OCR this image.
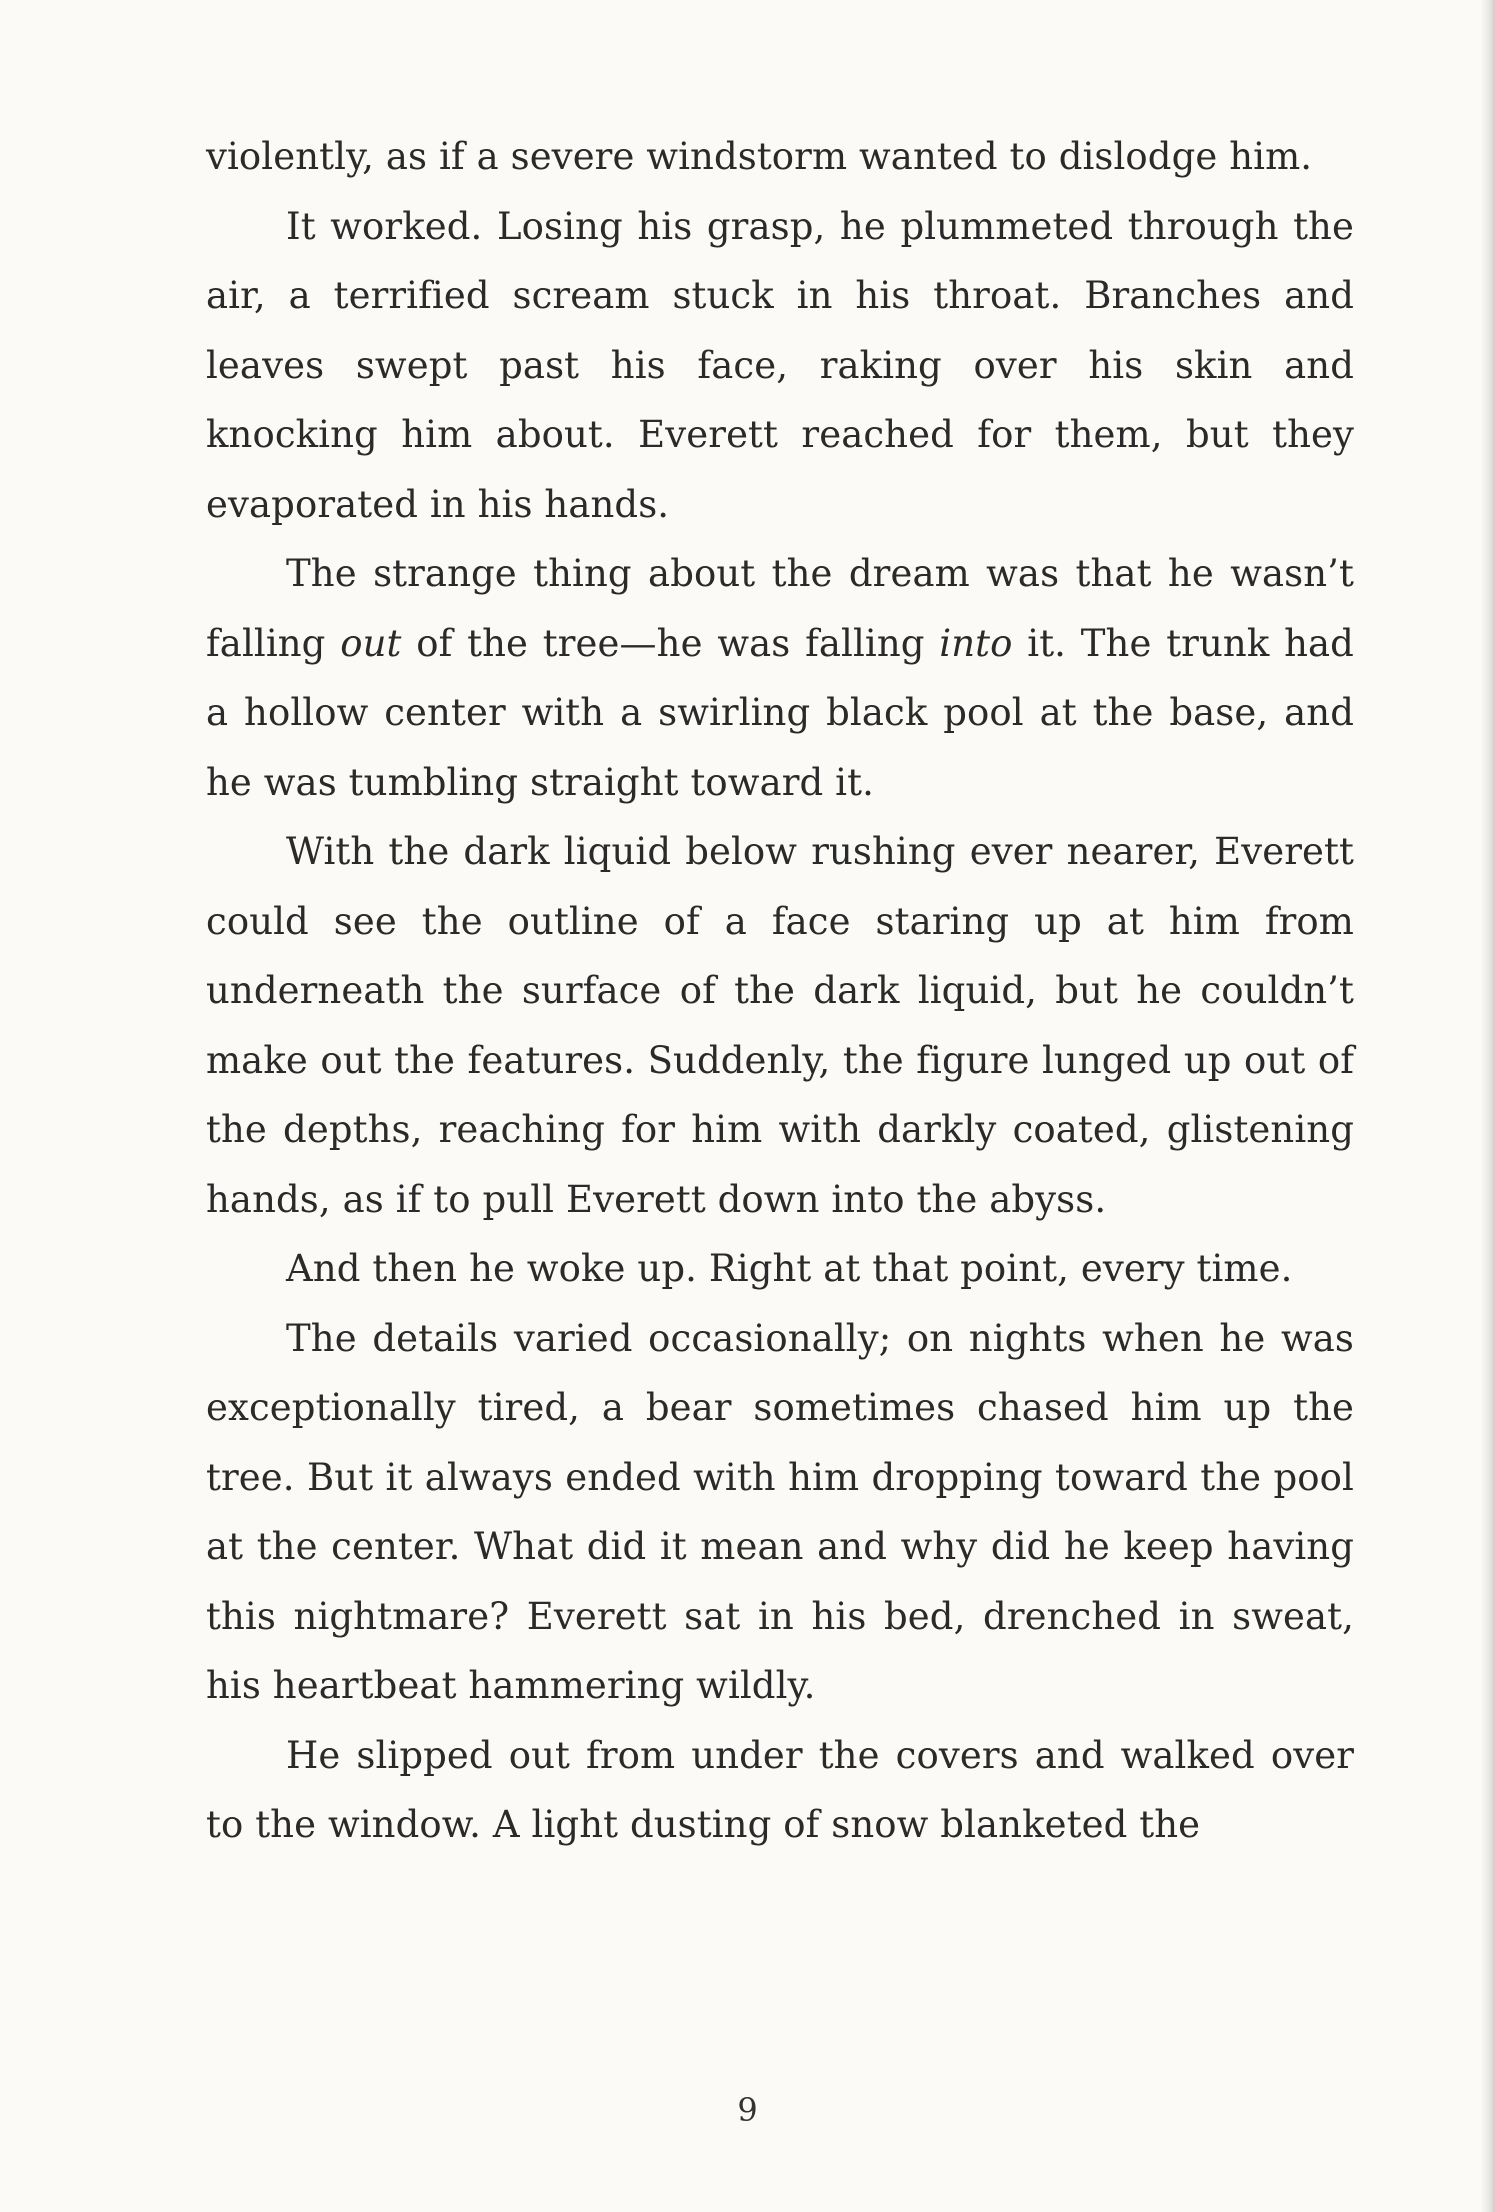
violently, as if a severe windstorm wanted to dislodge him.

It worked. Losing his grasp, he plummeted through the air, a terrified scream stuck in his throat. Branches and leaves swept past his face, raking over his skin and knocking him about. Everett reached for them, but they evaporated in his hands.

The strange thing about the dream was that he wasn’t falling out of the tree—he was falling into it. The trunk had a hollow center with a swirling black pool at the base, and he was tumbling straight toward it.

With the dark liquid below rushing ever nearer, Everett could see the outline of a face staring up at him from underneath the surface of the dark liquid, but he couldn’t make out the features. Suddenly, the figure lunged up out of the depths, reaching for him with darkly coated, glistening hands, as if to pull Everett down into the abyss.

And then he woke up. Right at that point, every time.

The details varied occasionally; on nights when he was exceptionally tired, a bear sometimes chased him up the tree. But it always ended with him dropping toward the pool at the center. What did it mean and why did he keep having this nightmare? Everett sat in his bed, drenched in sweat, his heartbeat hammering wildly.

He slipped out from under the covers and walked over to the window. A light dusting of snow blanketed the

9
